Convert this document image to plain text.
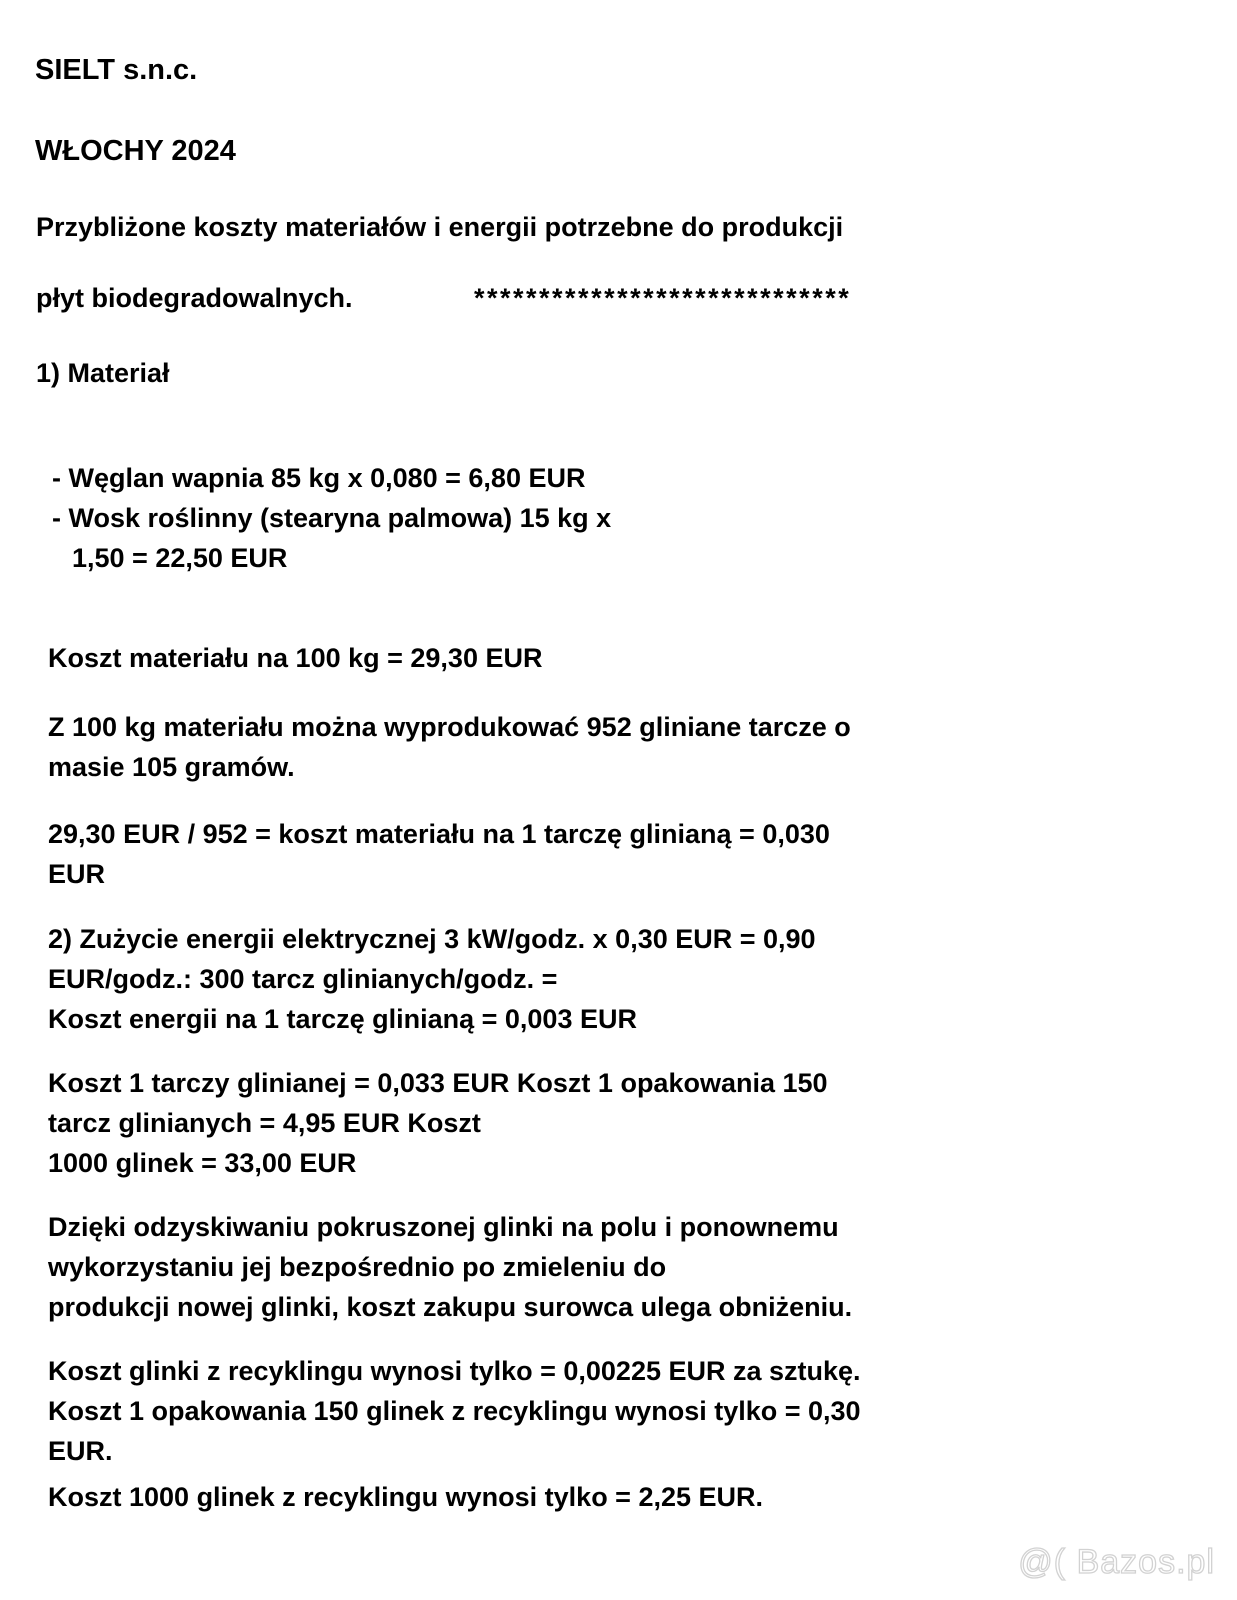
SIELT s.n.c.
WŁOCHY 2024
Przybliżone koszty materiałów i energii potrzebne do produkcji
płyt biodegradowalnych.	*****************************
1) Materiał
- Węglan wapnia 85 kg x 0,080 = 6,80 EUR
- Wosk roślinny (stearyna palmowa) 15 kg x
1,50 = 22,50 EUR
Koszt materiału na 100 kg = 29,30 EUR
Z 100 kg materiału można wyprodukować 952 gliniane tarcze o
masie 105 gramów.
29,30 EUR / 952 = koszt materiału na 1 tarczę glinianą = 0,030
EUR
2) Zużycie energii elektrycznej 3 kW/godz. x 0,30 EUR = 0,90
EUR/godz.: 300 tarcz glinianych/godz. =
Koszt energii na 1 tarczę glinianą = 0,003 EUR
Koszt 1 tarczy glinianej = 0,033 EUR Koszt 1 opakowania 150
tarcz glinianych = 4,95 EUR Koszt
1000 glinek = 33,00 EUR
Dzięki odzyskiwaniu pokruszonej glinki na polu i ponownemu
wykorzystaniu jej bezpośrednio po zmieleniu do
produkcji nowej glinki, koszt zakupu surowca ulega obniżeniu.
Koszt glinki z recyklingu wynosi tylko = 0,00225 EUR za sztukę.
Koszt 1 opakowania 150 glinek z recyklingu wynosi tylko = 0,30
EUR.
Koszt 1000 glinek z recyklingu wynosi tylko = 2,25 EUR.
@( Bazos.pl
